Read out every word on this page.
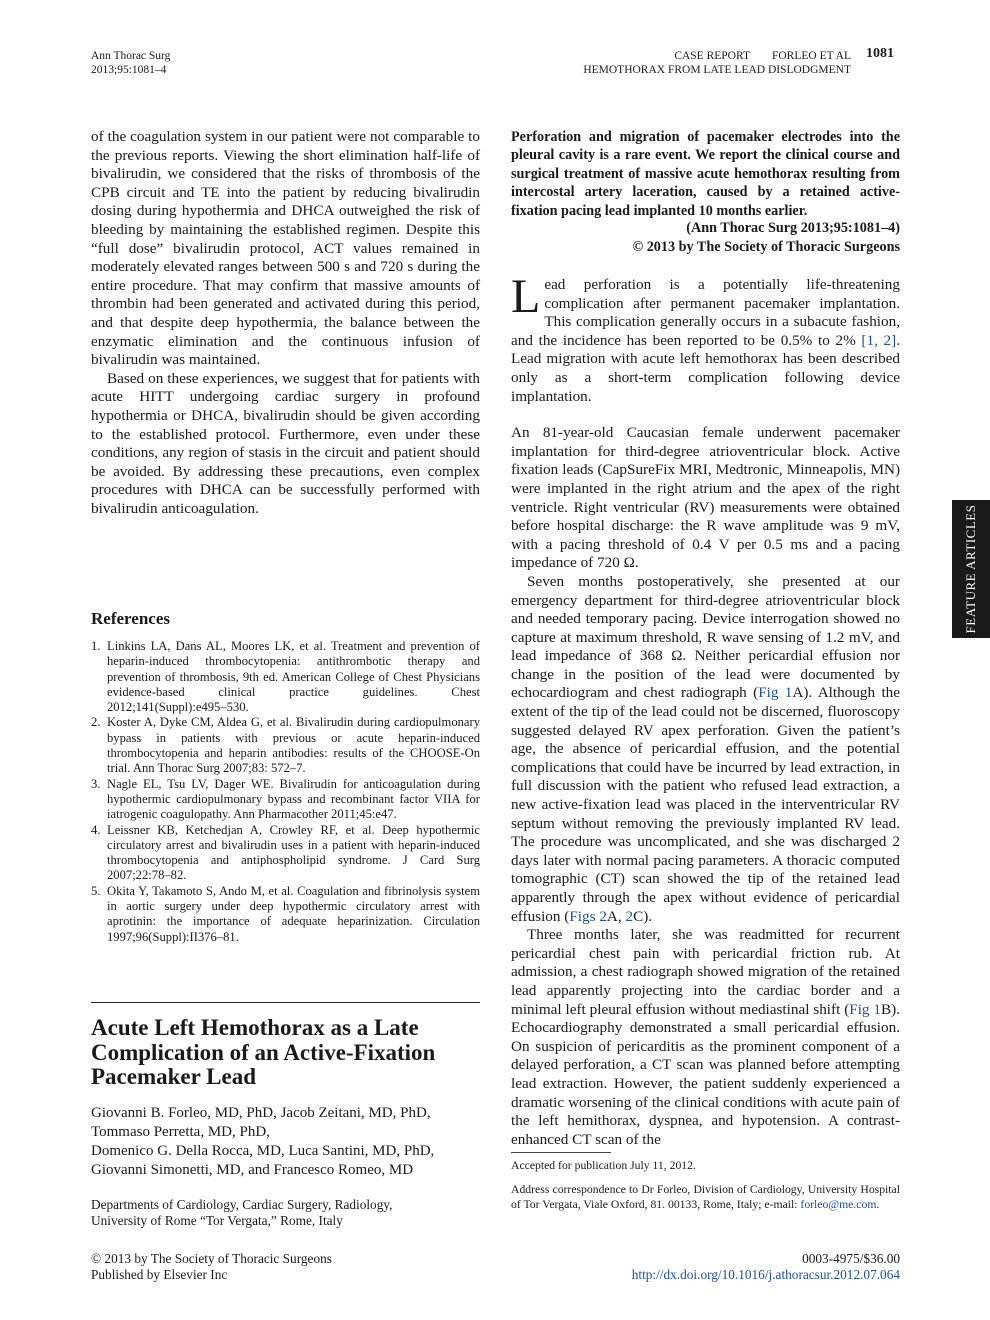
Ann Thorac Surg
2013;95:1081–4
CASE REPORT FORLEO ET AL
HEMOTHORAX FROM LATE LEAD DISLODGMENT
1081
FEATURE ARTICLES

of the coagulation system in our patient were not comparable to the previous reports. Viewing the short elimination half-life of bivalirudin, we considered that the risks of thrombosis of the CPB circuit and TE into the patient by reducing bivalirudin dosing during hypothermia and DHCA outweighed the risk of bleeding by maintaining the established regimen. Despite this “full dose” bivalirudin protocol, ACT values remained in moderately elevated ranges between 500 s and 720 s during the entire procedure. That may confirm that massive amounts of thrombin had been generated and activated during this period, and that despite deep hypothermia, the balance between the enzymatic elimination and the continuous infusion of bivalirudin was maintained.

Based on these experiences, we suggest that for patients with acute HITT undergoing cardiac surgery in profound hypothermia or DHCA, bivalirudin should be given according to the established protocol. Furthermore, even under these conditions, any region of stasis in the circuit and patient should be avoided. By addressing these precautions, even complex procedures with DHCA can be successfully performed with bivalirudin anticoagulation.

References
1. Linkins LA, Dans AL, Moores LK, et al. Treatment and prevention of heparin-induced thrombocytopenia: antithrombotic therapy and prevention of thrombosis, 9th ed. American College of Chest Physicians evidence-based clinical practice guidelines. Chest 2012;141(Suppl):e495–530.
2. Koster A, Dyke CM, Aldea G, et al. Bivalirudin during cardiopulmonary bypass in patients with previous or acute heparin-induced thrombocytopenia and heparin antibodies: results of the CHOOSE-On trial. Ann Thorac Surg 2007;83: 572–7.
3. Nagle EL, Tsu LV, Dager WE. Bivalirudin for anticoagulation during hypothermic cardiopulmonary bypass and recombinant factor VIIA for iatrogenic coagulopathy. Ann Pharmacother 2011;45:e47.
4. Leissner KB, Ketchedjan A, Crowley RF, et al. Deep hypothermic circulatory arrest and bivalirudin uses in a patient with heparin-induced thrombocytopenia and antiphospholipid syndrome. J Card Surg 2007;22:78–82.
5. Okita Y, Takamoto S, Ando M, et al. Coagulation and fibrinolysis system in aortic surgery under deep hypothermic circulatory arrest with aprotinin: the importance of adequate heparinization. Circulation 1997;96(Suppl):II376–81.
Acute Left Hemothorax as a Late Complication of an Active-Fixation Pacemaker Lead
Giovanni B. Forleo, MD, PhD, Jacob Zeitani, MD, PhD,
Tommaso Perretta, MD, PhD,
Domenico G. Della Rocca, MD, Luca Santini, MD, PhD,
Giovanni Simonetti, MD, and Francesco Romeo, MD
Departments of Cardiology, Cardiac Surgery, Radiology,
University of Rome “Tor Vergata,” Rome, Italy
Perforation and migration of pacemaker electrodes into the pleural cavity is a rare event. We report the clinical course and surgical treatment of massive acute hemothorax resulting from intercostal artery laceration, caused by a retained active-fixation pacing lead implanted 10 months earlier.
(Ann Thorac Surg 2013;95:1081–4)
© 2013 by The Society of Thoracic Surgeons

Lead perforation is a potentially life-threatening complication after permanent pacemaker implantation. This complication generally occurs in a subacute fashion, and the incidence has been reported to be 0.5% to 2% [1, 2]. Lead migration with acute left hemothorax has been described only as a short-term complication following device implantation.

An 81-year-old Caucasian female underwent pacemaker implantation for third-degree atrioventricular block. Active fixation leads (CapSureFix MRI, Medtronic, Minneapolis, MN) were implanted in the right atrium and the apex of the right ventricle. Right ventricular (RV) measurements were obtained before hospital discharge: the R wave amplitude was 9 mV, with a pacing threshold of 0.4 V per 0.5 ms and a pacing impedance of 720 Ω.

Seven months postoperatively, she presented at our emergency department for third-degree atrioventricular block and needed temporary pacing. Device interrogation showed no capture at maximum threshold, R wave sensing of 1.2 mV, and lead impedance of 368 Ω. Neither pericardial effusion nor change in the position of the lead were documented by echocardiogram and chest radiograph (Fig 1A). Although the extent of the tip of the lead could not be discerned, fluoroscopy suggested delayed RV apex perforation. Given the patient’s age, the absence of pericardial effusion, and the potential complications that could have be incurred by lead extraction, in full discussion with the patient who refused lead extraction, a new active-fixation lead was placed in the interventricular RV septum without removing the previously implanted RV lead. The procedure was uncomplicated, and she was discharged 2 days later with normal pacing parameters. A thoracic computed tomographic (CT) scan showed the tip of the retained lead apparently through the apex without evidence of pericardial effusion (Figs 2A, 2C).

Three months later, she was readmitted for recurrent pericardial chest pain with pericardial friction rub. At admission, a chest radiograph showed migration of the retained lead apparently projecting into the cardiac border and a minimal left pleural effusion without mediastinal shift (Fig 1B). Echocardiography demonstrated a small pericardial effusion. On suspicion of pericarditis as the prominent component of a delayed perforation, a CT scan was planned before attempting lead extraction. However, the patient suddenly experienced a dramatic worsening of the clinical conditions with acute pain of the left hemithorax, dyspnea, and hypotension. A contrast-enhanced CT scan of the

Accepted for publication July 11, 2012.
Address correspondence to Dr Forleo, Division of Cardiology, University Hospital of Tor Vergata, Viale Oxford, 81. 00133, Rome, Italy; e-mail: forleo@me.com.
© 2013 by The Society of Thoracic Surgeons
Published by Elsevier Inc
0003-4975/$36.00
http://dx.doi.org/10.1016/j.athoracsur.2012.07.064
